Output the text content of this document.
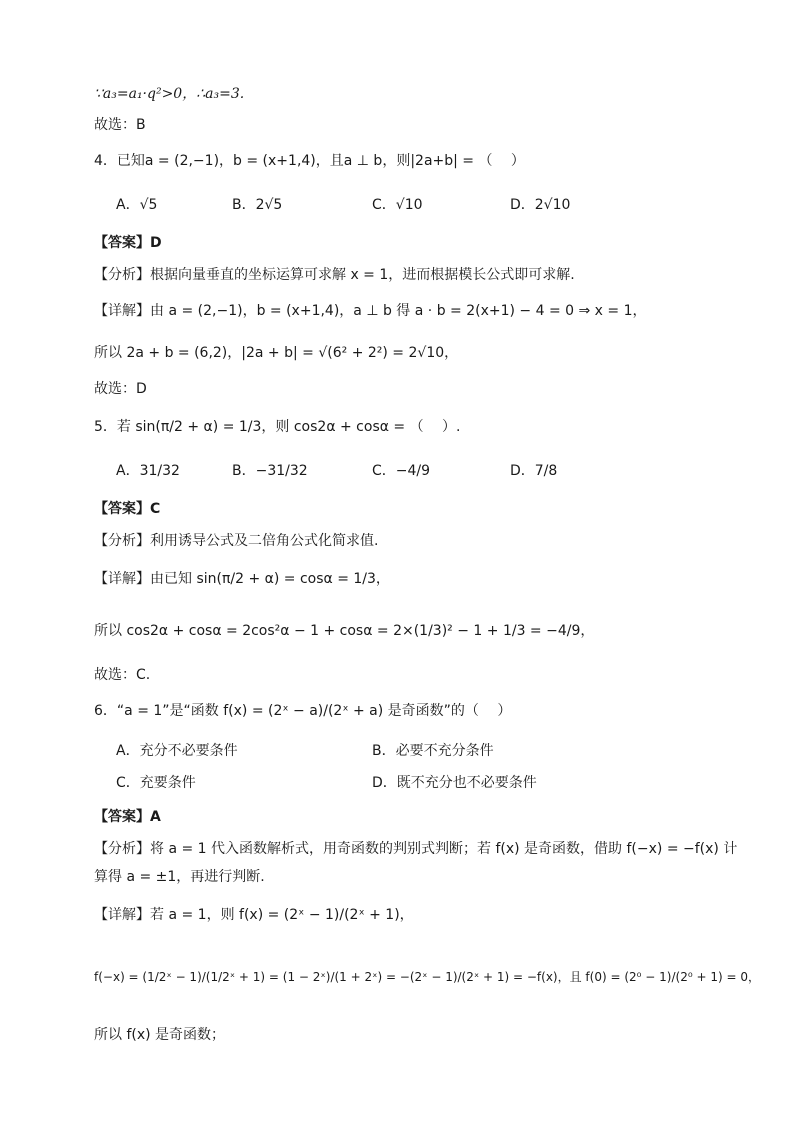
∵a₃=a₁·q²>0，∴a₃=3.
故选：B
4．已知a = (2,−1)，b = (x+1,4)，且a ⊥ b，则|2a+b| = （　 ）
A．√5	B．2√5	C．√10	D．2√10
【答案】D
【分析】根据向量垂直的坐标运算可求解 x = 1，进而根据模长公式即可求解.
【详解】由 a = (2,−1)，b = (x+1,4)，a ⊥ b 得 a · b = 2(x+1) − 4 = 0 ⇒ x = 1，
所以 2a + b = (6,2)，|2a + b| = √(6² + 2²) = 2√10，
故选：D
5．若 sin(π/2 + α) = 1/3，则 cos2α + cosα = （　 ）.
A．31/32	B．−31/32	C．−4/9	D．7/8
【答案】C
【分析】利用诱导公式及二倍角公式化简求值.
【详解】由已知 sin(π/2 + α) = cosα = 1/3，
所以 cos2α + cosα = 2cos²α − 1 + cosα = 2×(1/3)² − 1 + 1/3 = −4/9，
故选：C.
6．“a = 1”是“函数 f(x) = (2ˣ − a)/(2ˣ + a) 是奇函数”的（　 ）
A．充分不必要条件	B．必要不充分条件
C．充要条件	D．既不充分也不必要条件
【答案】A
【分析】将 a = 1 代入函数解析式，用奇函数的判别式判断；若 f(x) 是奇函数，借助 f(−x) = −f(x) 计
算得 a = ±1，再进行判断.
【详解】若 a = 1，则 f(x) = (2ˣ − 1)/(2ˣ + 1)，
f(−x) = (1/2ˣ − 1)/(1/2ˣ + 1) = (1 − 2ˣ)/(1 + 2ˣ) = −(2ˣ − 1)/(2ˣ + 1) = −f(x)，且 f(0) = (2⁰ − 1)/(2⁰ + 1) = 0，
所以 f(x) 是奇函数；
